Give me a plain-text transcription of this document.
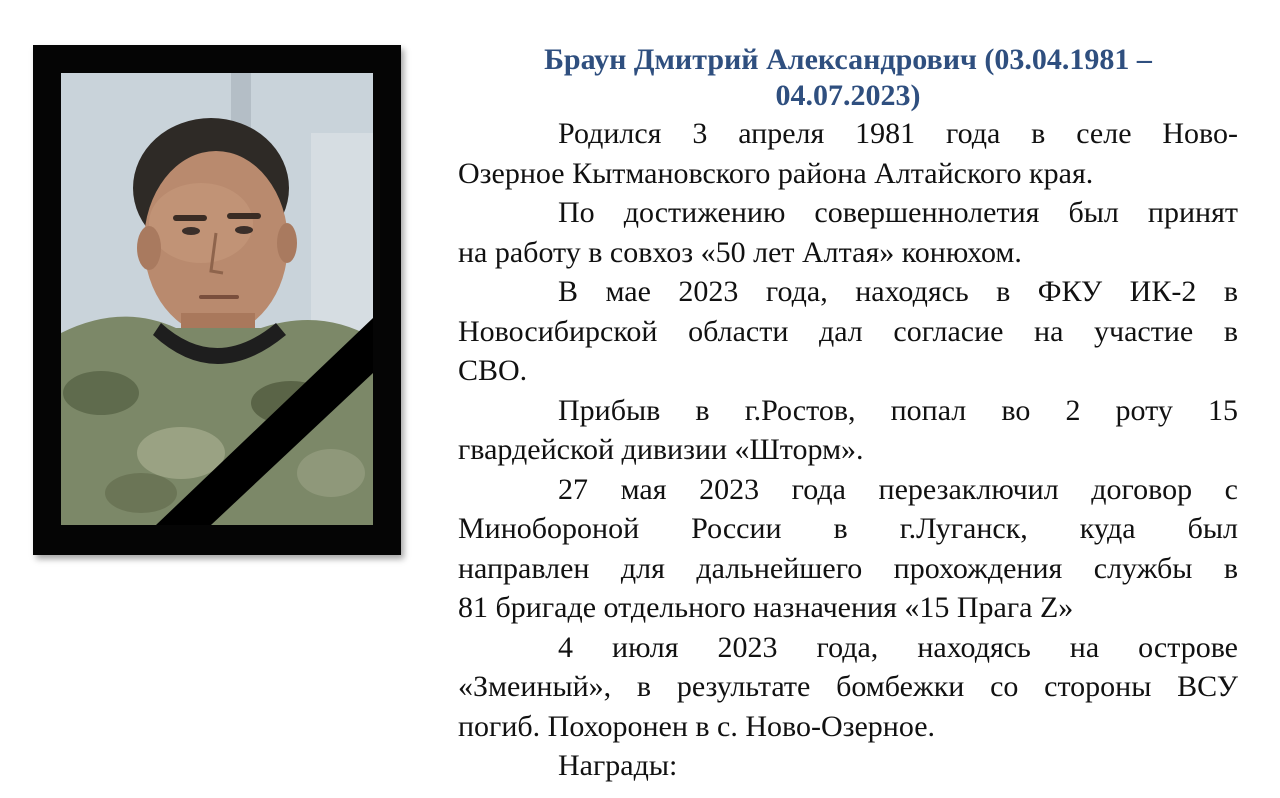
Браун Дмитрий Александрович (03.04.1981 –
04.07.2023)

Родился 3 апреля 1981 года в селе Ново-
Озерное Кытмановского района Алтайского края.

По достижению совершеннолетия был принят
на работу в совхоз «50 лет Алтая» конюхом.

В мае 2023 года, находясь в ФКУ ИК-2 в
Новосибирской области дал согласие на участие в
СВО.

Прибыв в г.Ростов, попал во 2 роту 15
гвардейской дивизии «Шторм».

27 мая 2023 года перезаключил договор с
Минобороной России в г.Луганск, куда был
направлен для дальнейшего прохождения службы в
81 бригаде отдельного назначения «15 Прага Z»

4 июля 2023 года, находясь на острове
«Змеиный», в результате бомбежки со стороны ВСУ
погиб. Похоронен в с. Ново-Озерное.

Награды:
